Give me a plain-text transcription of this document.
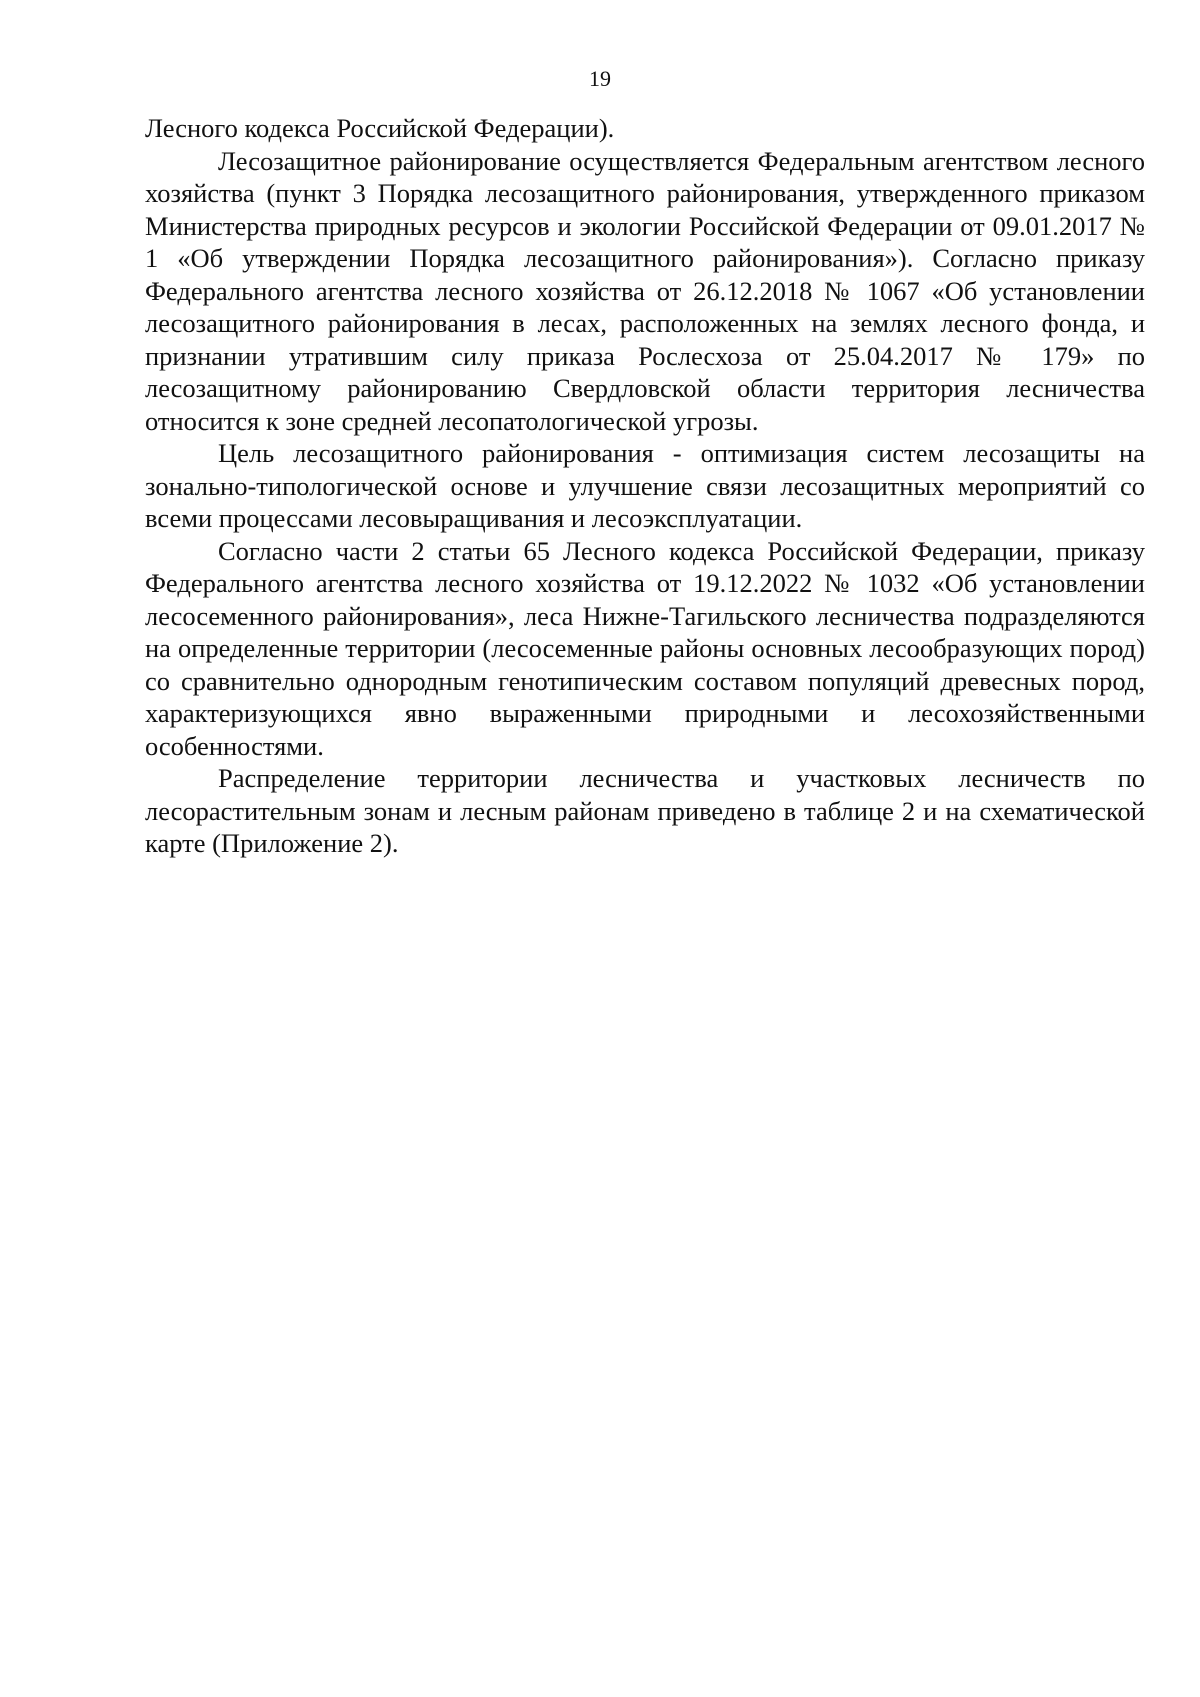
19

Лесного кодекса Российской Федерации).

Лесозащитное районирование осуществляется Федеральным агентством лесного хозяйства (пункт 3 Порядка лесозащитного районирования, утвержденного приказом Министерства природных ресурсов и экологии Российской Федерации от 09.01.2017 № 1 «Об утверждении Порядка лесозащитного районирования»). Согласно приказу Федерального агентства лесного хозяйства от 26.12.2018 № 1067 «Об установлении лесозащитного районирования в лесах, расположенных на землях лесного фонда, и признании утратившим силу приказа Рослесхоза от 25.04.2017 № 179» по лесозащитному районированию Свердловской области территория лесничества относится к зоне средней лесопатологической угрозы.

Цель лесозащитного районирования - оптимизация систем лесозащиты на зонально-типологической основе и улучшение связи лесозащитных мероприятий со всеми процессами лесовыращивания и лесоэксплуатации.

Согласно части 2 статьи 65 Лесного кодекса Российской Федерации, приказу Федерального агентства лесного хозяйства от 19.12.2022 № 1032 «Об установлении лесосеменного районирования», леса Нижне-Тагильского лесничества подразделяются на определенные территории (лесосеменные районы основных лесообразующих пород) со сравнительно однородным генотипическим составом популяций древесных пород, характеризующихся явно выраженными природными и лесохозяйственными особенностями.

Распределение территории лесничества и участковых лесничеств по лесорастительным зонам и лесным районам приведено в таблице 2 и на схематической карте (Приложение 2).
